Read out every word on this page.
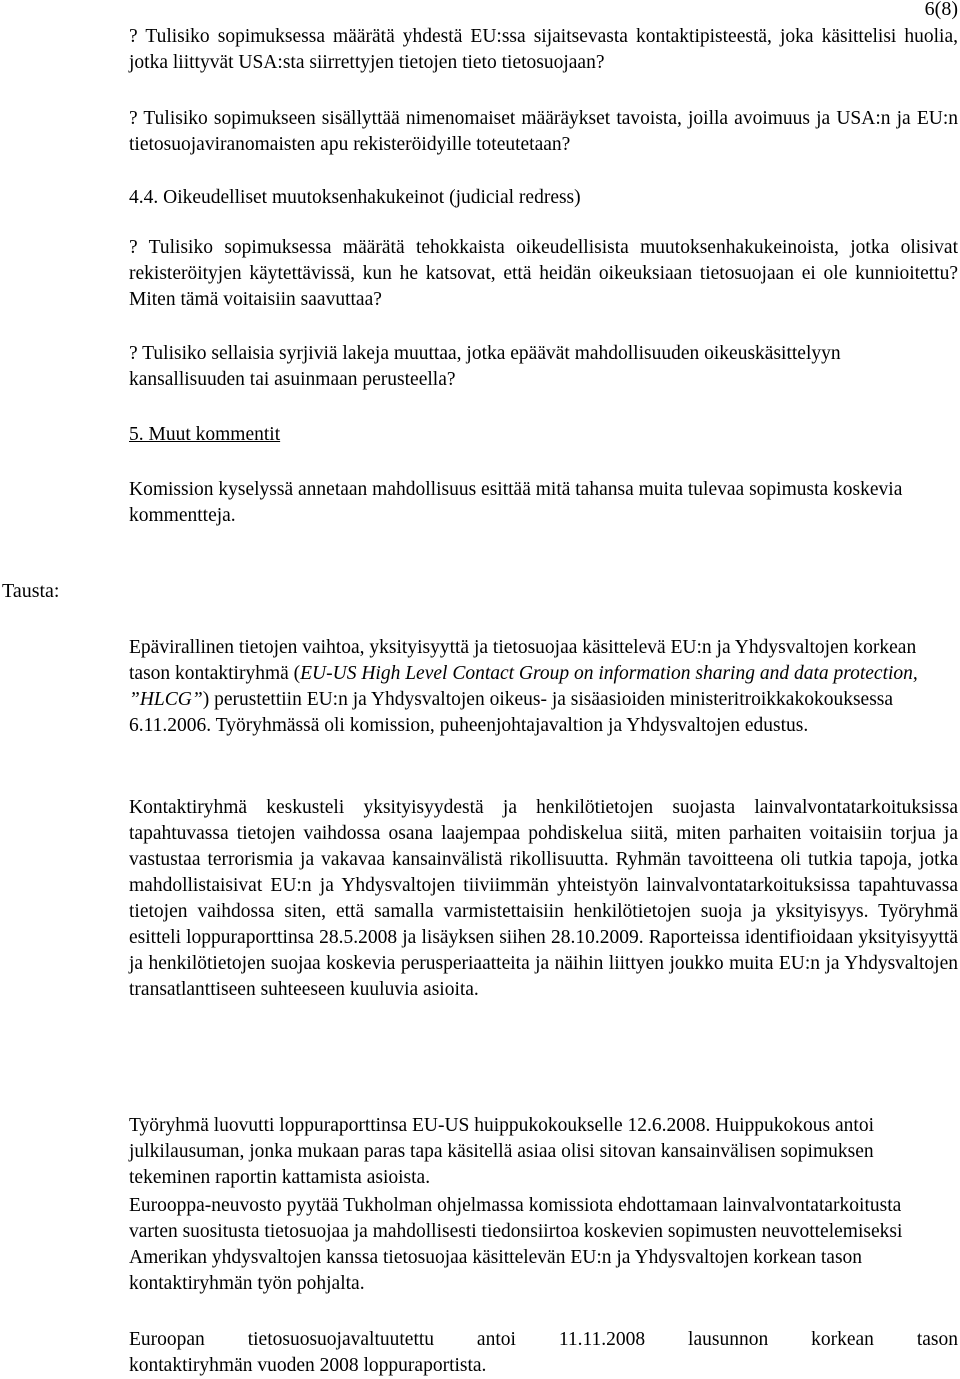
6(8)

? Tulisiko sopimuksessa määrätä yhdestä EU:ssa sijaitsevasta kontaktipisteestä, joka käsittelisi huolia, jotka liittyvät USA:sta siirrettyjen tietojen tieto tietosuojaan?

? Tulisiko sopimukseen sisällyttää nimenomaiset määräykset tavoista, joilla avoimuus ja USA:n ja EU:n tietosuojaviranomaisten apu rekisteröidyille toteutetaan?

4.4. Oikeudelliset muutoksenhakukeinot (judicial redress)

? Tulisiko sopimuksessa määrätä tehokkaista oikeudellisista muutoksenhakukeinoista, jotka olisivat rekisteröityjen käytettävissä, kun he katsovat, että heidän oikeuksiaan tietosuojaan ei ole kunnioitettu? Miten tämä voitaisiin saavuttaa?

? Tulisiko sellaisia syrjiviä lakeja muuttaa, jotka epäävät mahdollisuuden oikeuskäsittelyyn kansallisuuden tai asuinmaan perusteella?

5. Muut kommentit

Komission kyselyssä annetaan mahdollisuus esittää mitä tahansa muita tulevaa sopimusta koskevia kommentteja.

Tausta:

Epävirallinen tietojen vaihtoa, yksityisyyttä ja tietosuojaa käsittelevä EU:n ja Yhdysvaltojen korkean tason kontaktiryhmä (EU-US High Level Contact Group on information sharing and data protection, ”HLCG”) perustettiin EU:n ja Yhdysvaltojen oikeus- ja sisäasioiden ministeritroikkakokouksessa 6.11.2006. Työryhmässä oli komission, puheenjohtajavaltion ja Yhdysvaltojen edustus.

Kontaktiryhmä keskusteli yksityisyydestä ja henkilötietojen suojasta lainvalvontatarkoituksissa tapahtuvassa tietojen vaihdossa osana laajempaa pohdiskelua siitä, miten parhaiten voitaisiin torjua ja vastustaa terrorismia ja vakavaa kansainvälistä rikollisuutta. Ryhmän tavoitteena oli tutkia tapoja, jotka mahdollistaisivat EU:n ja Yhdysvaltojen tiiviimmän yhteistyön lainvalvontatarkoituksissa tapahtuvassa tietojen vaihdossa siten, että samalla varmistettaisiin henkilötietojen suoja ja yksityisyys. Työryhmä esitteli loppuraporttinsa 28.5.2008 ja lisäyksen siihen 28.10.2009. Raporteissa identifioidaan yksityisyyttä ja henkilötietojen suojaa koskevia perusperiaatteita ja näihin liittyen joukko muita EU:n ja Yhdysvaltojen transatlanttiseen suhteeseen kuuluvia asioita.

Työryhmä luovutti loppuraporttinsa EU-US huippukokoukselle 12.6.2008. Huippukokous antoi julkilausuman, jonka mukaan paras tapa käsitellä asiaa olisi sitovan kansainvälisen sopimuksen tekeminen raportin kattamista asioista.

Eurooppa-neuvosto pyytää Tukholman ohjelmassa komissiota ehdottamaan lainvalvontatarkoitusta varten suositusta tietosuojaa ja mahdollisesti tiedonsiirtoa koskevien sopimusten neuvottelemiseksi Amerikan yhdysvaltojen kanssa tietosuojaa käsittelevän EU:n ja Yhdysvaltojen korkean tason kontaktiryhmän työn pohjalta.

Euroopan tietosuosuojavaltuutettu antoi 11.11.2008 lausunnon korkean tason
kontaktiryhmän vuoden 2008 loppuraportista.
